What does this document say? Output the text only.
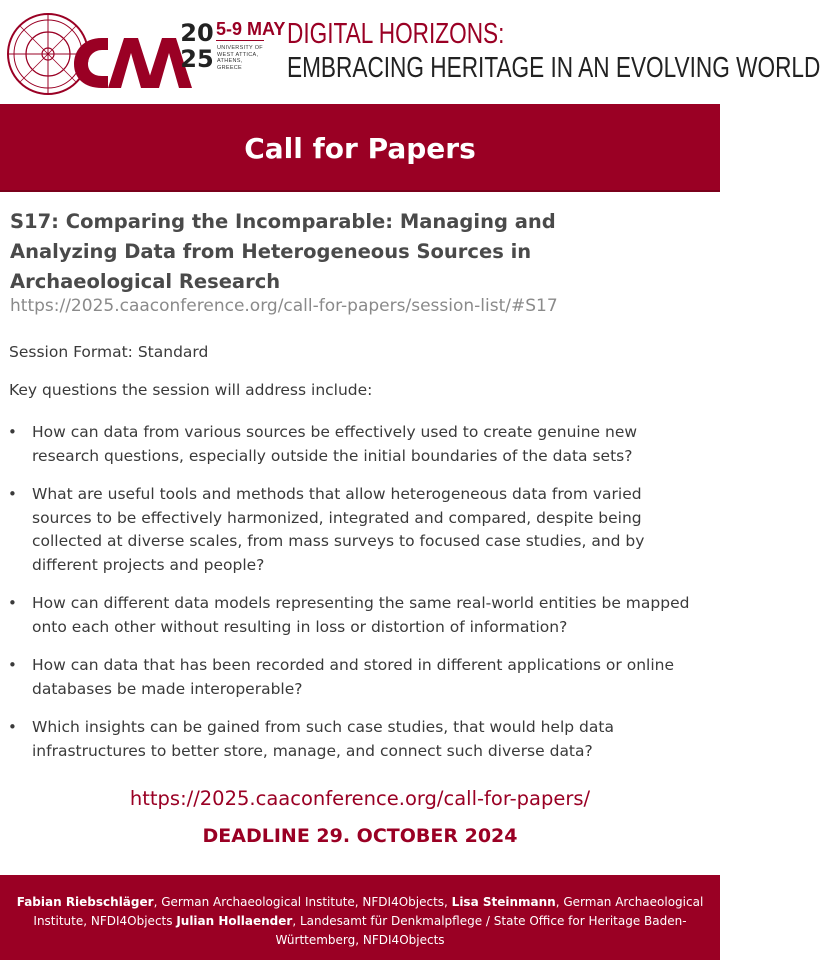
20
25
5-9 MAY
UNIVERSITY OF WEST ATTICA, ATHENS, GREECE
DIGITAL HORIZONS:
EMBRACING HERITAGE IN AN EVOLVING WORLD
Call for Papers
S17: Comparing the Incomparable: Managing and Analyzing Data from Heterogeneous Sources in Archaeological Research
https://2025.caaconference.org/call-for-papers/session-list/#S17
Session Format: Standard
Key questions the session will address include:
• How can data from various sources be effectively used to create genuine new research questions, especially outside the initial boundaries of the data sets?
• What are useful tools and methods that allow heterogeneous data from varied sources to be effectively harmonized, integrated and compared, despite being collected at diverse scales, from mass surveys to focused case studies, and by different projects and people?
• How can different data models representing the same real-world entities be mapped onto each other without resulting in loss or distortion of information?
• How can data that has been recorded and stored in different applications or online databases be made interoperable?
• Which insights can be gained from such case studies, that would help data infrastructures to better store, manage, and connect such diverse data?
https://2025.caaconference.org/call-for-papers/
DEADLINE 29. OCTOBER 2024

Fabian Riebschläger, German Archaeological Institute, NFDI4Objects, Lisa Steinmann, German Archaeological Institute, NFDI4Objects Julian Hollaender, Landesamt für Denkmalpflege / State Office for Heritage Baden-Württemberg, NFDI4Objects
